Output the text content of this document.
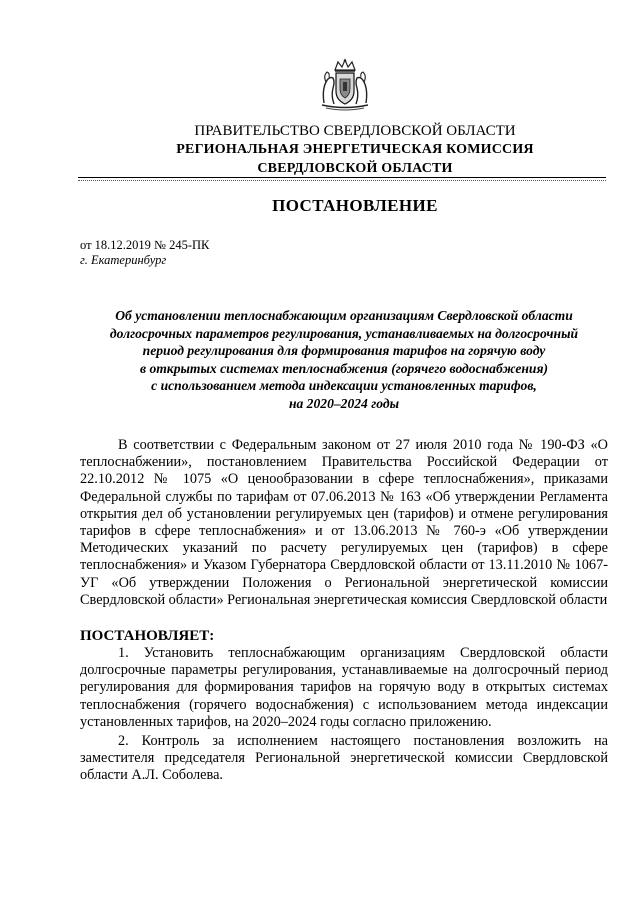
ПРАВИТЕЛЬСТВО СВЕРДЛОВСКОЙ ОБЛАСТИ
РЕГИОНАЛЬНАЯ ЭНЕРГЕТИЧЕСКАЯ КОМИССИЯ
СВЕРДЛОВСКОЙ ОБЛАСТИ
ПОСТАНОВЛЕНИЕ
от 18.12.2019 № 245-ПК
г. Екатеринбург
Об установлении теплоснабжающим организациям Свердловской области
долгосрочных параметров регулирования, устанавливаемых на долгосрочный
период регулирования для формирования тарифов на горячую воду
в открытых системах теплоснабжения (горячего водоснабжения)
с использованием метода индексации установленных тарифов,
на 2020–2024 годы
В соответствии с Федеральным законом от 27 июля 2010 года № 190-ФЗ «О теплоснабжении», постановлением Правительства Российской Федерации от 22.10.2012 № 1075 «О ценообразовании в сфере теплоснабжения», приказами Федеральной службы по тарифам от 07.06.2013 № 163 «Об утверждении Регламента открытия дел об установлении регулируемых цен (тарифов) и отмене регулирования тарифов в сфере теплоснабжения» и от 13.06.2013 № 760-э «Об утверждении Методических указаний по расчету регулируемых цен (тарифов) в сфере теплоснабжения» и Указом Губернатора Свердловской области от 13.11.2010 № 1067-УГ «Об утверждении Положения о Региональной энергетической комиссии Свердловской области» Региональная энергетическая комиссия Свердловской области
ПОСТАНОВЛЯЕТ:
1. Установить теплоснабжающим организациям Свердловской области долгосрочные параметры регулирования, устанавливаемые на долгосрочный период регулирования для формирования тарифов на горячую воду в открытых системах теплоснабжения (горячего водоснабжения) с использованием метода индексации установленных тарифов, на 2020–2024 годы согласно приложению.
2. Контроль за исполнением настоящего постановления возложить на заместителя председателя Региональной энергетической комиссии Свердловской области А.Л. Соболева.
